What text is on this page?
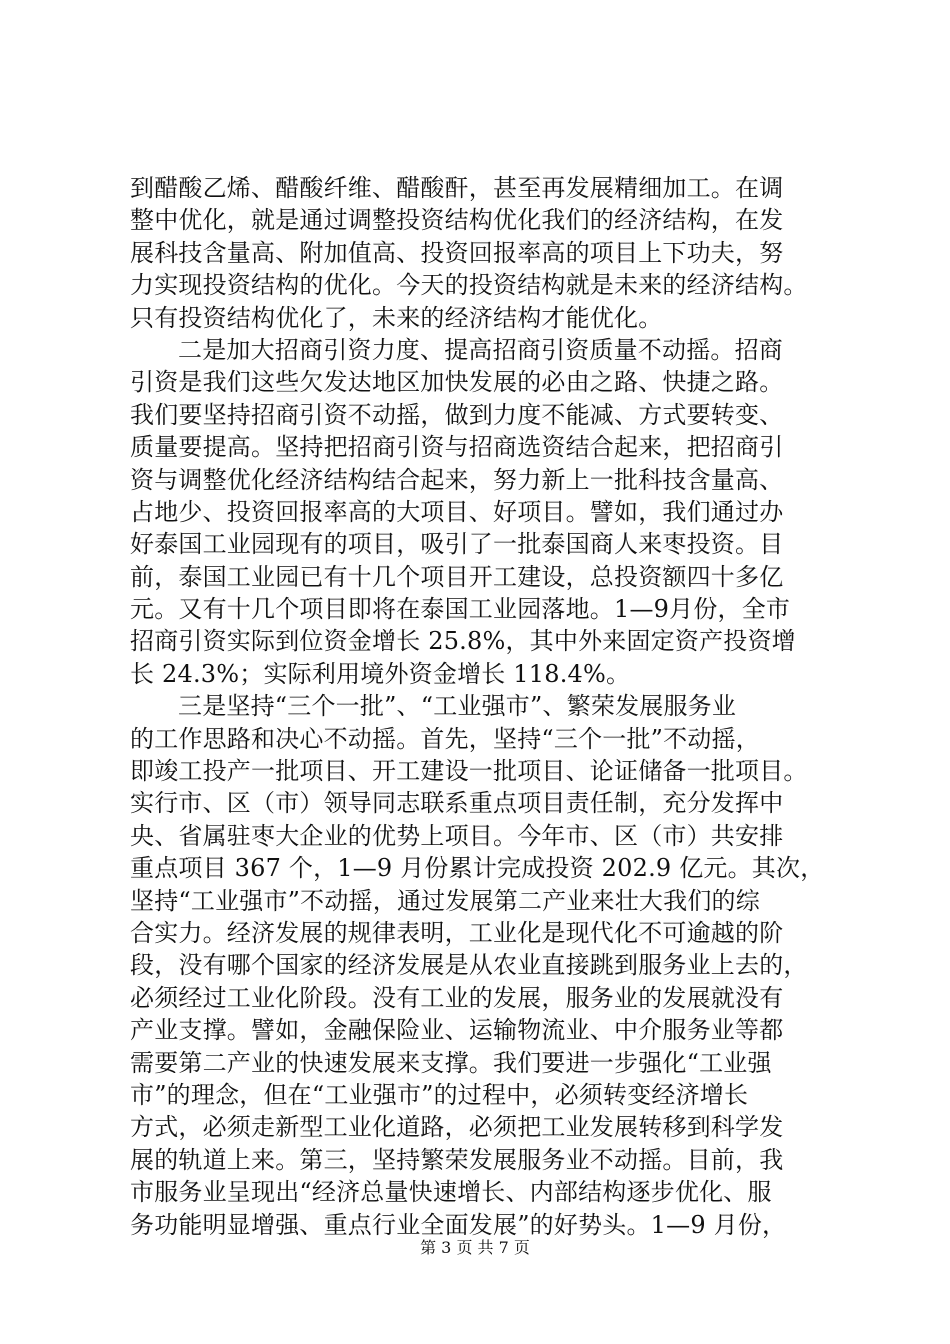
到醋酸乙烯、醋酸纤维、醋酸酐，甚至再发展精细加工。在调
整中优化，就是通过调整投资结构优化我们的经济结构，在发
展科技含量高、附加值高、投资回报率高的项目上下功夫，努
力实现投资结构的优化。今天的投资结构就是未来的经济结构。
只有投资结构优化了，未来的经济结构才能优化。
二是加大招商引资力度、提高招商引资质量不动摇。招商
引资是我们这些欠发达地区加快发展的必由之路、快捷之路。
我们要坚持招商引资不动摇，做到力度不能减、方式要转变、
质量要提高。坚持把招商引资与招商选资结合起来，把招商引
资与调整优化经济结构结合起来，努力新上一批科技含量高、
占地少、投资回报率高的大项目、好项目。譬如，我们通过办
好泰国工业园现有的项目，吸引了一批泰国商人来枣投资。目
前，泰国工业园已有十几个项目开工建设，总投资额四十多亿
元。又有十几个项目即将在泰国工业园落地。1—9月份，全市
招商引资实际到位资金增长 25.8%，其中外来固定资产投资增
长 24.3%；实际利用境外资金增长 118.4%。
三是坚持“三个一批”、“工业强市”、繁荣发展服务业
的工作思路和决心不动摇。首先，坚持“三个一批”不动摇，
即竣工投产一批项目、开工建设一批项目、论证储备一批项目。
实行市、区（市）领导同志联系重点项目责任制，充分发挥中
央、省属驻枣大企业的优势上项目。今年市、区（市）共安排
重点项目 367 个，1—9 月份累计完成投资 202.9 亿元。其次，
坚持“工业强市”不动摇，通过发展第二产业来壮大我们的综
合实力。经济发展的规律表明，工业化是现代化不可逾越的阶
段，没有哪个国家的经济发展是从农业直接跳到服务业上去的，
必须经过工业化阶段。没有工业的发展，服务业的发展就没有
产业支撑。譬如，金融保险业、运输物流业、中介服务业等都
需要第二产业的快速发展来支撑。我们要进一步强化“工业强
市”的理念，但在“工业强市”的过程中，必须转变经济增长
方式，必须走新型工业化道路，必须把工业发展转移到科学发
展的轨道上来。第三，坚持繁荣发展服务业不动摇。目前，我
市服务业呈现出“经济总量快速增长、内部结构逐步优化、服
务功能明显增强、重点行业全面发展”的好势头。1—9 月份，
第 3 页 共 7 页
